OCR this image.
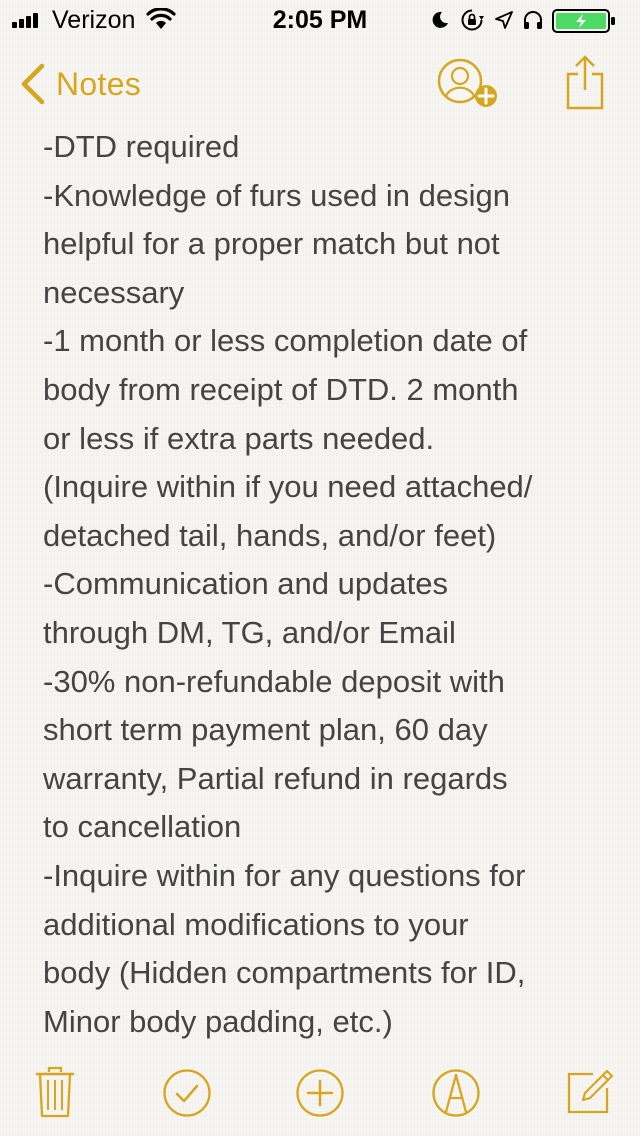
Verizon	2:05 PM
Notes
-DTD required
-Knowledge of furs used in design
helpful for a proper match but not
necessary
-1 month or less completion date of
body from receipt of DTD. 2 month
or less if extra parts needed.
(Inquire within if you need attached/
detached tail, hands, and/or feet)
-Communication and updates
through DM, TG, and/or Email
-30% non-refundable deposit with
short term payment plan, 60 day
warranty, Partial refund in regards
to cancellation
-Inquire within for any questions for
additional modifications to your
body (Hidden compartments for ID,
Minor body padding, etc.)
